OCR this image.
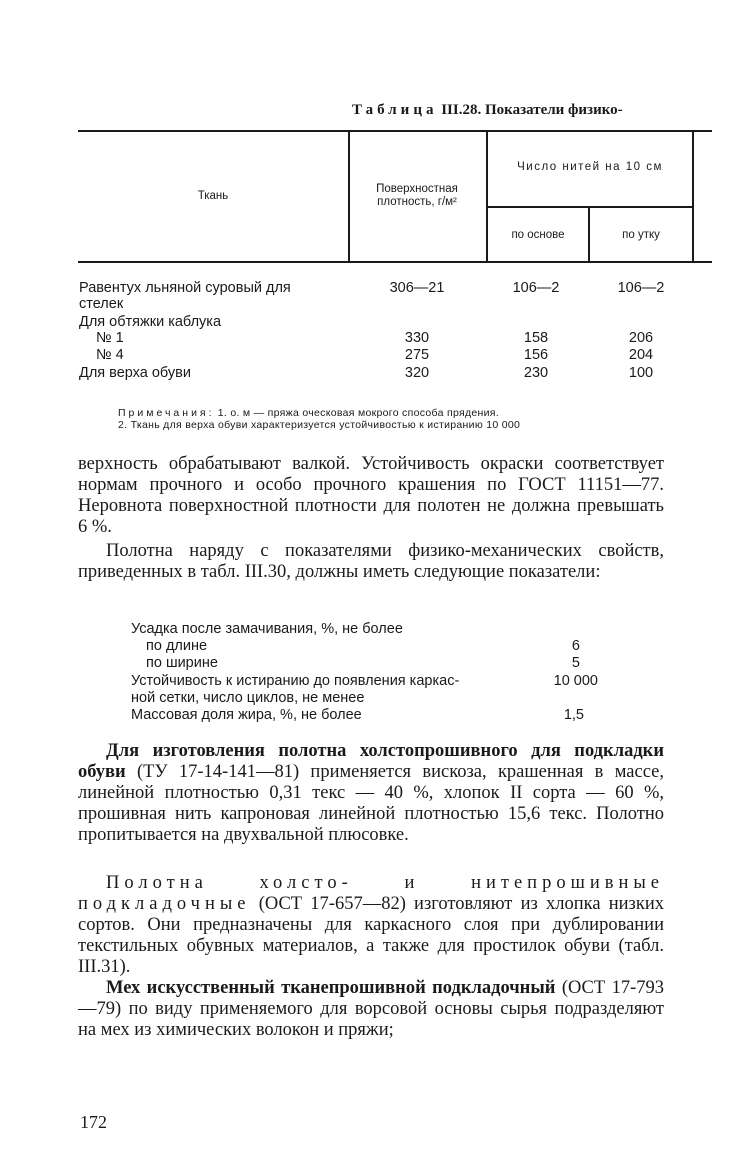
Таблица III.28. Показатели физико-
Ткань
Поверхностная плотность, г/м²
Число нитей на 10 см
по основе	по утку
Равентух льняной суровый для	306—21	106—2	106—2
стелек
Для обтяжки каблука
№ 1	330	158	206
№ 4	275	156	204
Для верха обуви	320	230	100
Примечания: 1. о. м — пряжа оческовая мокрого способа прядения.
2. Ткань для верха обуви характеризуется устойчивостью к истиранию 10 000
верхность обрабатывают валкой. Устойчивость окраски соответствует нормам прочного и особо прочного крашения по ГОСТ 11151—77. Неровнота поверхностной плотности для полотен не должна превышать 6 %.
Полотна наряду с показателями физико-механических свойств, приведенных в табл. III.30, должны иметь следующие показатели:
Усадка после замачивания, %, не более
по длине	6
по ширине	5
Устойчивость к истиранию до появления каркас-	10 000
ной сетки, число циклов, не менее
Массовая доля жира, %, не более	1,5
Для изготовления полотна холстопрошивного для подкладки обуви (ТУ 17-14-141—81) применяется вискоза, крашенная в массе, линейной плотностью 0,31 текс — 40 %, хлопок II сорта — 60 %, прошивная нить капроновая линейной плотностью 15,6 текс. Полотно пропитывается на двухвальной плюсовке.
Полотна холсто- и нитепрошивные подкладочные (ОСТ 17-657—82) изготовляют из хлопка низких сортов. Они предназначены для каркасного слоя при дублировании текстильных обувных материалов, а также для простилок обуви (табл. III.31).
Мех искусственный тканепрошивной подкладочный (ОСТ 17-793—79) по виду применяемого для ворсовой основы сырья подразделяют на мех из химических волокон и пряжи;
172
